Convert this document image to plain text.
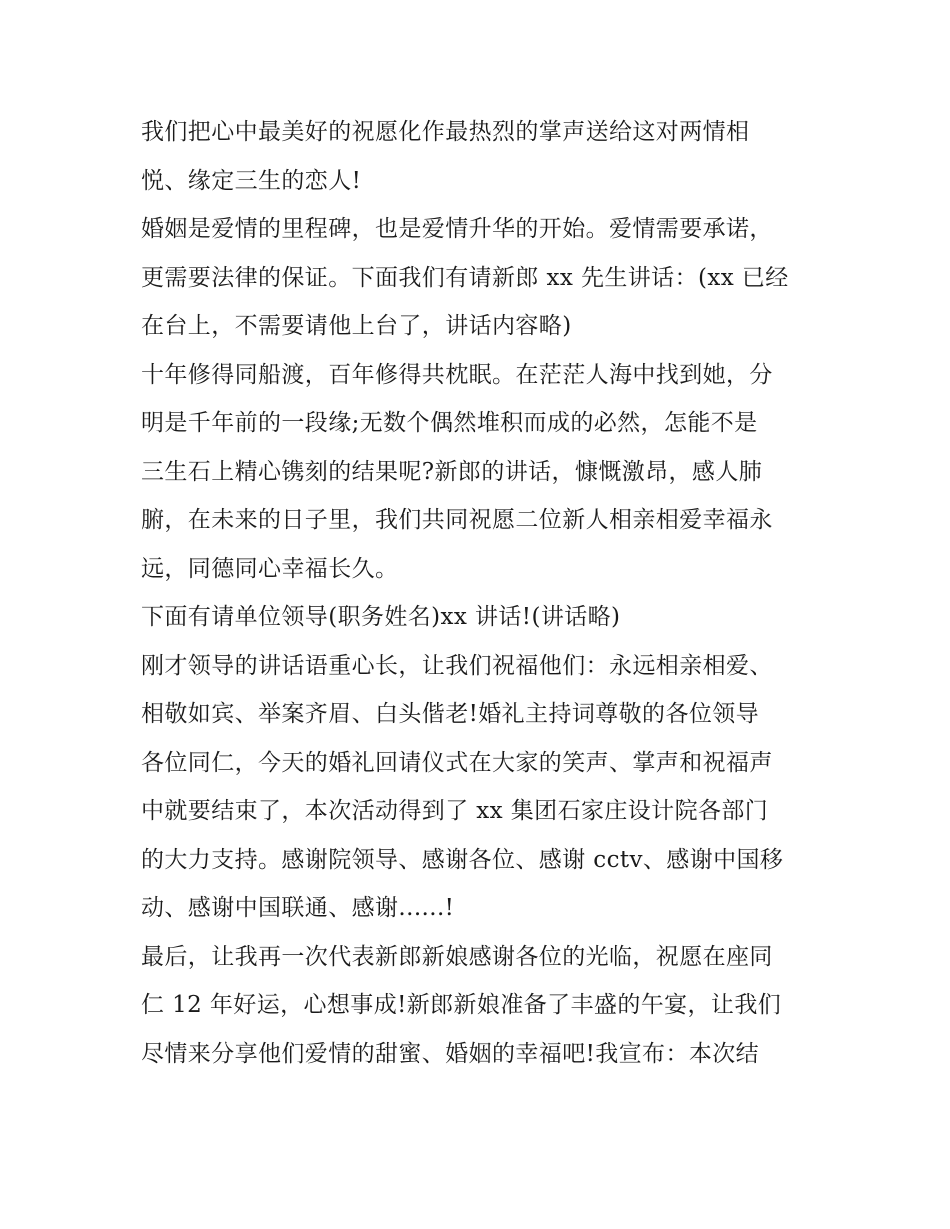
我们把心中最美好的祝愿化作最热烈的掌声送给这对两情相
悦、缘定三生的恋人!
婚姻是爱情的里程碑，也是爱情升华的开始。爱情需要承诺，
更需要法律的保证。下面我们有请新郎 xx 先生讲话：(xx 已经
在台上，不需要请他上台了，讲话内容略)
十年修得同船渡，百年修得共枕眠。在茫茫人海中找到她，分
明是千年前的一段缘;无数个偶然堆积而成的必然，怎能不是
三生石上精心镌刻的结果呢?新郎的讲话，慷慨激昂，感人肺
腑，在未来的日子里，我们共同祝愿二位新人相亲相爱幸福永
远，同德同心幸福长久。
下面有请单位领导(职务姓名)xx 讲话!(讲话略)
刚才领导的讲话语重心长，让我们祝福他们：永远相亲相爱、
相敬如宾、举案齐眉、白头偕老!婚礼主持词尊敬的各位领导
各位同仁，今天的婚礼回请仪式在大家的笑声、掌声和祝福声
中就要结束了，本次活动得到了 xx 集团石家庄设计院各部门
的大力支持。感谢院领导、感谢各位、感谢 cctv、感谢中国移
动、感谢中国联通、感谢......!
最后，让我再一次代表新郎新娘感谢各位的光临，祝愿在座同
仁 12 年好运，心想事成!新郎新娘准备了丰盛的午宴，让我们
尽情来分享他们爱情的甜蜜、婚姻的幸福吧!我宣布：本次结
